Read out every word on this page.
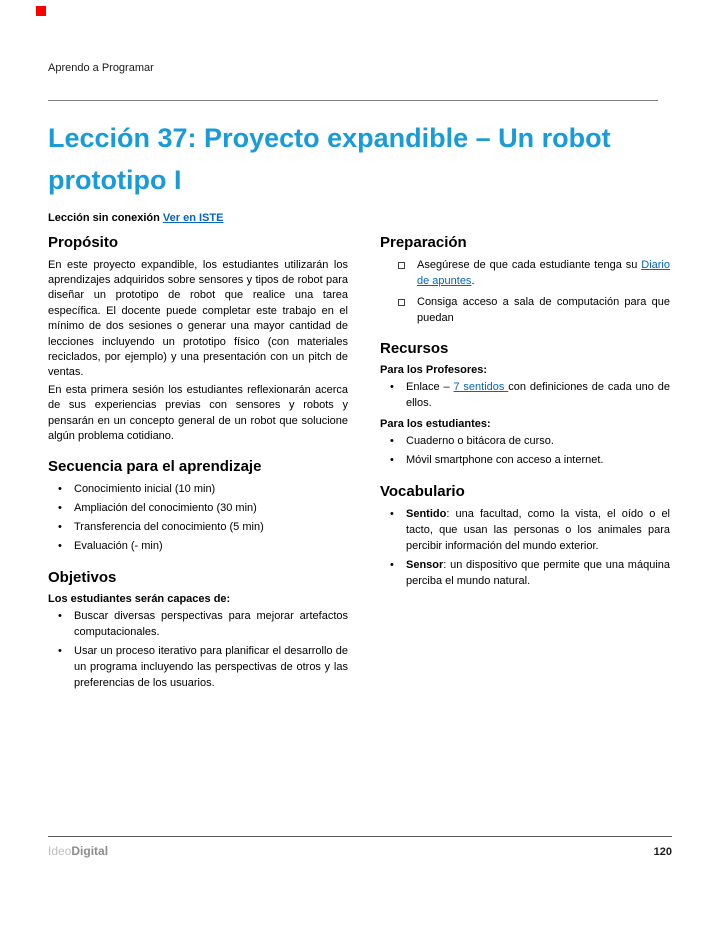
Aprendo a Programar
Lección 37: Proyecto expandible – Un robot prototipo I
Lección sin conexión Ver en ISTE
Propósito

En este proyecto expandible, los estudiantes utilizarán los aprendizajes adquiridos sobre sensores y tipos de robot para diseñar un prototipo de robot que realice una tarea específica. El docente puede completar este trabajo en el mínimo de dos sesiones o generar una mayor cantidad de lecciones incluyendo un prototipo físico (con materiales reciclados, por ejemplo) y una presentación con un pitch de ventas.

En esta primera sesión los estudiantes reflexionarán acerca de sus experiencias previas con sensores y robots y pensarán en un concepto general de un robot que solucione algún problema cotidiano.

Secuencia para el aprendizaje
• Conocimiento inicial (10 min)
• Ampliación del conocimiento (30 min)
• Transferencia del conocimiento (5 min)
• Evaluación (- min)
Objetivos
Los estudiantes serán capaces de:
• Buscar diversas perspectivas para mejorar artefactos computacionales.
• Usar un proceso iterativo para planificar el desarrollo de un programa incluyendo las perspectivas de otros y las preferencias de los usuarios.
Preparación
Asegúrese de que cada estudiante tenga su Diario de apuntes.
Consiga acceso a sala de computación para que puedan
Recursos
Para los Profesores:
• Enlace – 7 sentidos con definiciones de cada uno de ellos.
Para los estudiantes:
• Cuaderno o bitácora de curso.
• Móvil smartphone con acceso a internet.
Vocabulario
• Sentido: una facultad, como la vista, el oído o el tacto, que usan las personas o los animales para percibir información del mundo exterior.
• Sensor: un dispositivo que permite que una máquina perciba el mundo natural.
IdeoDigital	120
